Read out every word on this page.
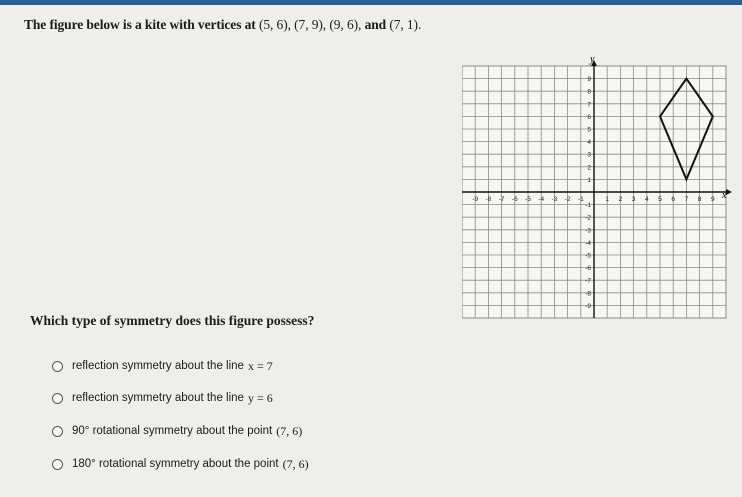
The figure below is a kite with vertices at (5, 6), (7, 9), (9, 6), and (7, 1).
-9 -8 -7 -6 -5 -4 -3 -2 -1	1 2 3 4 5 6 7 8 9
9
8
7
6
5
4
3
2
1
-1
-2
-3
-4
-5
-6
-7
-8
-9
x
y
Which type of symmetry does this figure possess?
reflection symmetry about the line x = 7
reflection symmetry about the line y = 6
90° rotational symmetry about the point (7, 6)
180° rotational symmetry about the point (7, 6)
